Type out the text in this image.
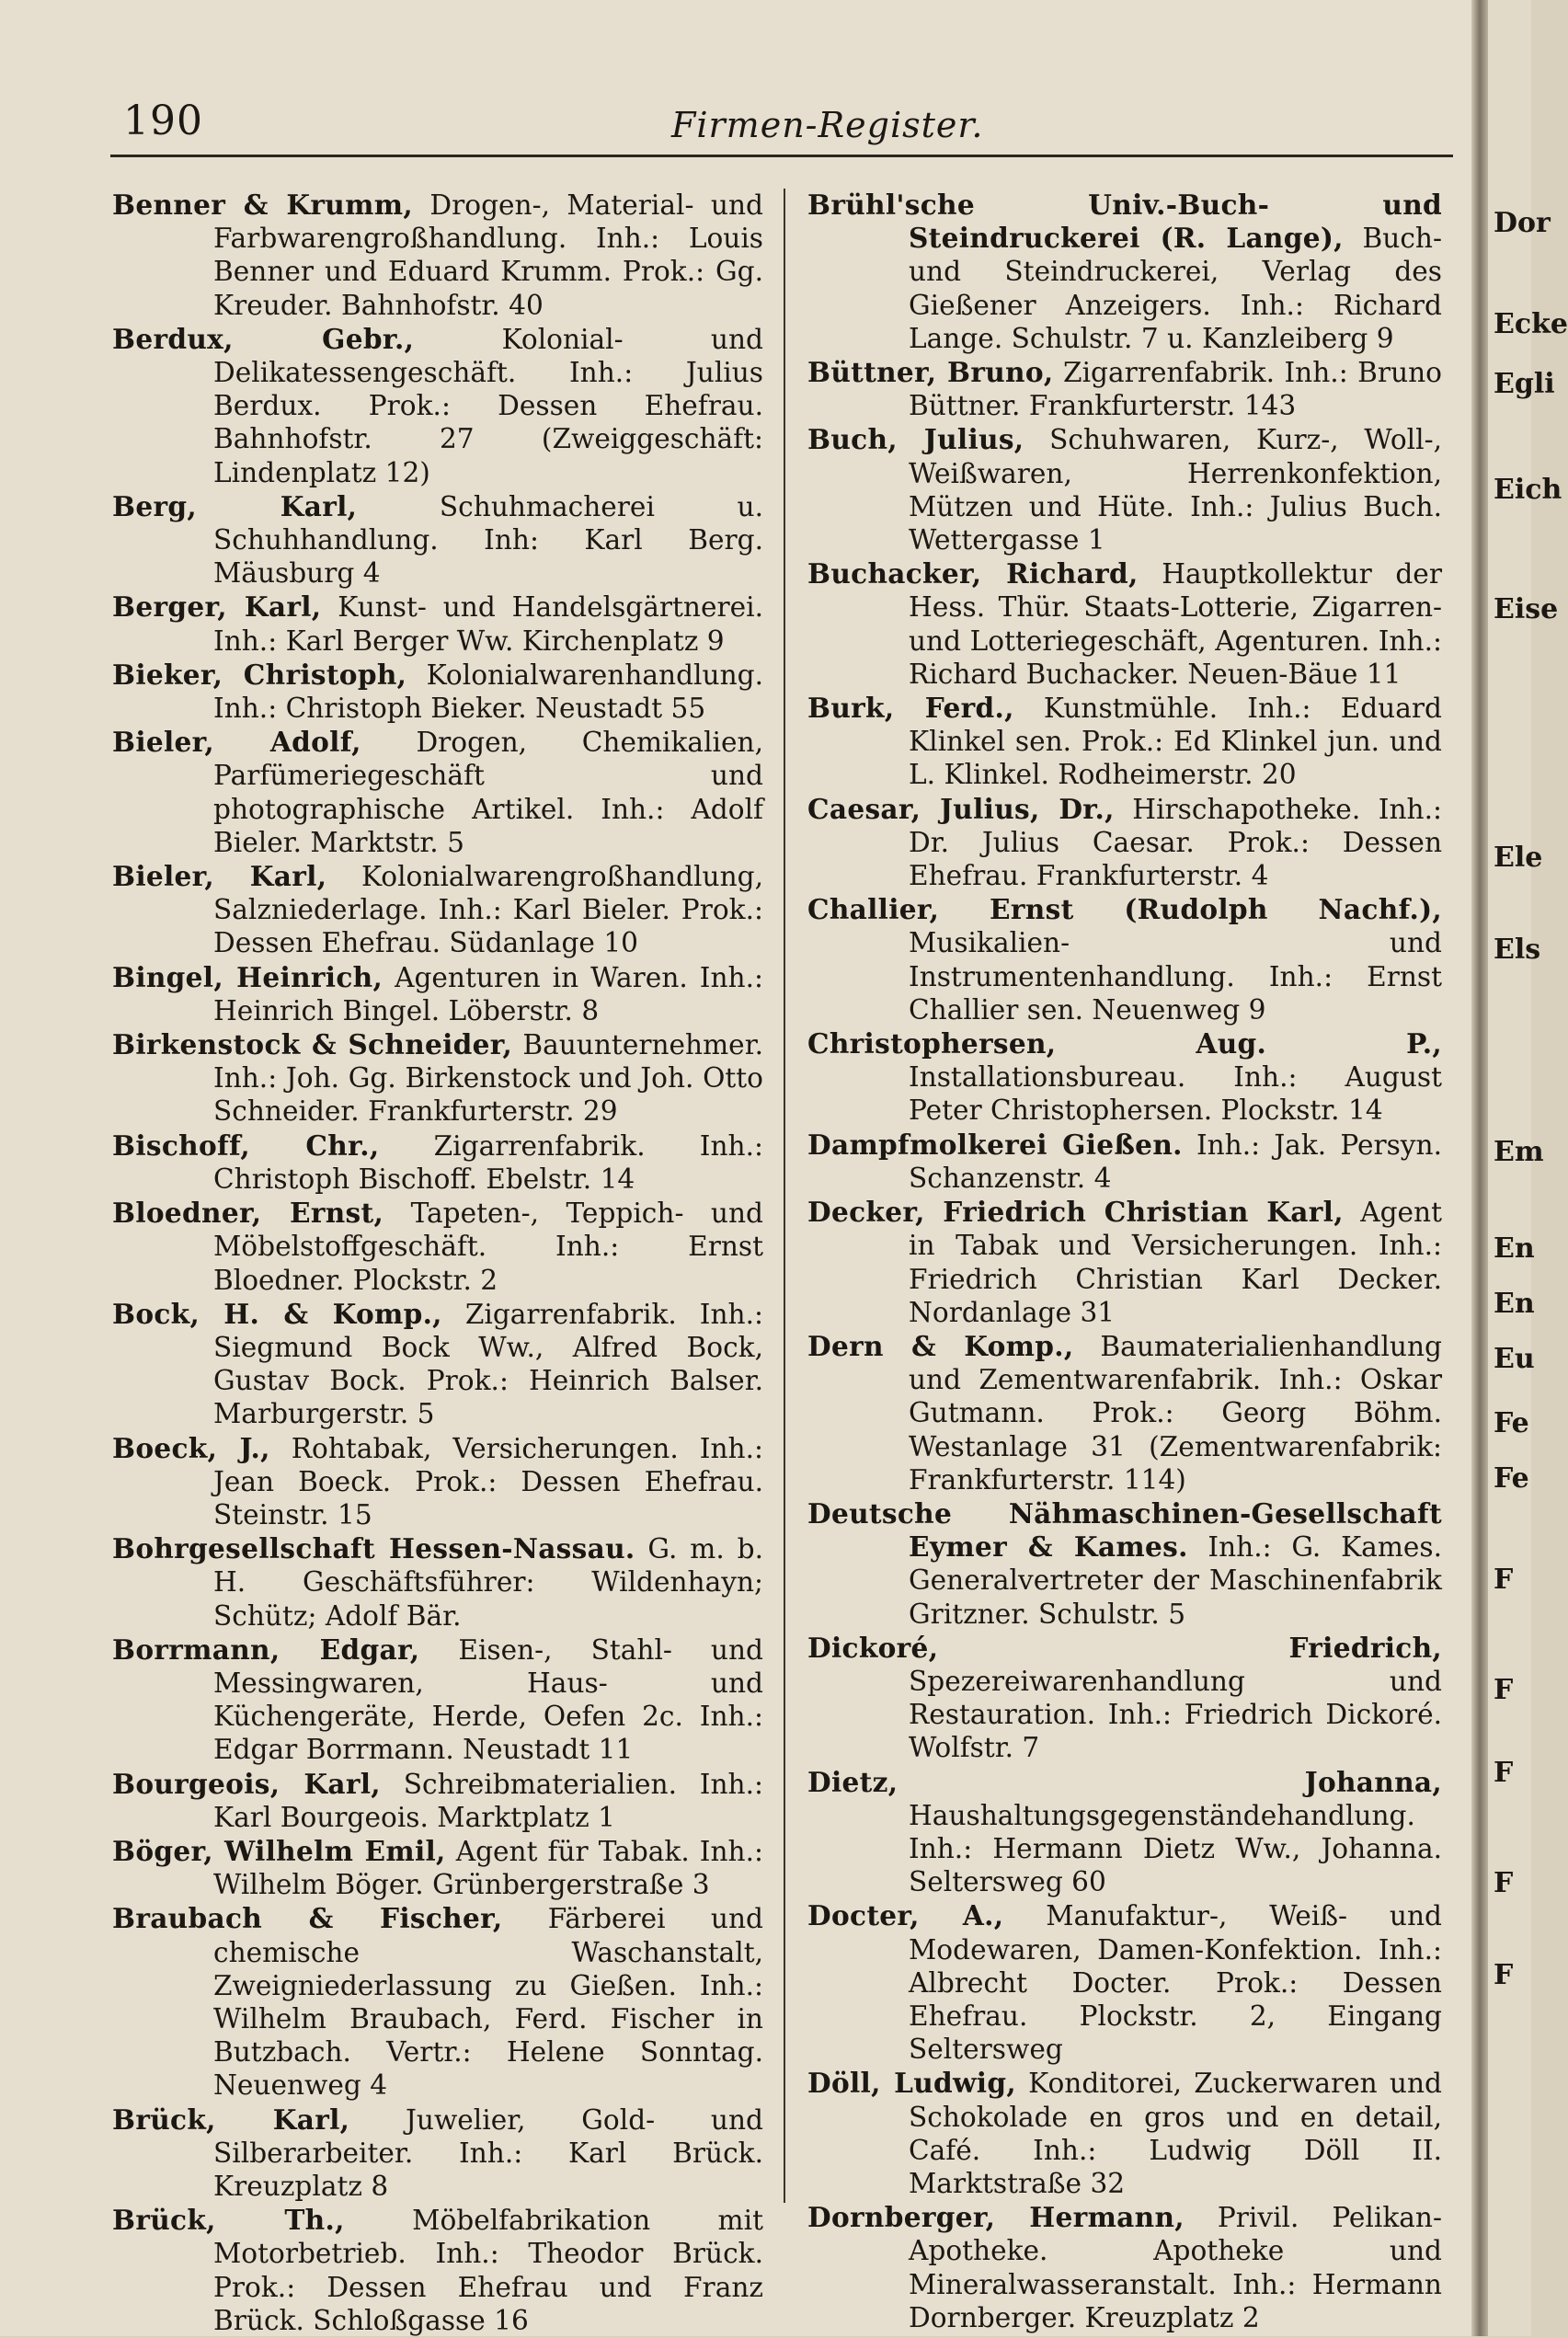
190	Firmen-Register.

Benner & Krumm, Drogen-, Material- und Farbwarengroßhandlung. Inh.: Louis Benner und Eduard Krumm. Prok.: Gg. Kreuder. Bahnhofstr. 40

Berdux, Gebr.,	Kolonial- und Delikatessengeschäft. Inh.: Julius Berdux. Prok.: Dessen Ehefrau. Bahnhofstr. 27 (Zweiggeschäft: Lindenplatz 12)

Berg, Karl,	Schuhmacherei u. Schuhhandlung. Inh: Karl Berg. Mäusburg 4

Berger, Karl, Kunst- und Handelsgärtnerei. Inh.: Karl Berger Ww. Kirchenplatz 9

Bieker, Christoph, Kolonialwarenhandlung. Inh.: Christoph Bieker. Neustadt 55

Bieler, Adolf, Drogen, Chemikalien, Parfümeriegeschäft und photographische Artikel. Inh.: Adolf Bieler. Marktstr. 5

Bieler, Karl, Kolonialwarengroßhandlung, Salzniederlage. Inh.: Karl Bieler. Prok.: Dessen Ehefrau. Südanlage 10

Bingel, Heinrich, Agenturen in Waren. Inh.: Heinrich Bingel. Löberstr. 8

Birkenstock & Schneider, Bauunternehmer. Inh.: Joh. Gg. Birkenstock und Joh. Otto Schneider. Frankfurterstr. 29

Bischoff, Chr., Zigarrenfabrik. Inh.: Christoph Bischoff. Ebelstr. 14

Bloedner, Ernst, Tapeten-, Teppich- und Möbelstoffgeschäft. Inh.: Ernst Bloedner. Plockstr. 2

Bock, H. & Komp., Zigarrenfabrik. Inh.: Siegmund Bock Ww., Alfred Bock, Gustav Bock. Prok.: Heinrich Balser. Marburgerstr. 5

Boeck, J., Rohtabak, Versicherungen. Inh.: Jean Boeck. Prok.: Dessen Ehefrau. Steinstr. 15

Bohrgesellschaft Hessen-Nassau. G. m. b. H. Geschäftsführer: Wildenhayn; Schütz; Adolf Bär.

Borrmann, Edgar, Eisen-, Stahl- und Messingwaren, Haus- und Küchengeräte, Herde, Oefen 2c. Inh.: Edgar Borrmann. Neustadt 11

Bourgeois, Karl, Schreibmaterialien. Inh.: Karl Bourgeois. Marktplatz 1

Böger, Wilhelm Emil, Agent für Tabak. Inh.: Wilhelm Böger. Grünbergerstraße 3

Braubach & Fischer, Färberei und chemische Waschanstalt, Zweigniederlassung zu Gießen. Inh.: Wilhelm Braubach, Ferd. Fischer in Butzbach. Vertr.: Helene Sonntag. Neuenweg 4

Brück, Karl, Juwelier, Gold- und Silberarbeiter. Inh.: Karl Brück. Kreuzplatz 8

Brück, Th., Möbelfabrikation mit Motorbetrieb. Inh.: Theodor Brück. Prok.: Dessen Ehefrau und Franz Brück. Schloßgasse 16

Brühl'sche Univ.-Buch- und Steindruckerei (R. Lange), Buch- und Steindruckerei, Verlag des Gießener Anzeigers. Inh.: Richard Lange. Schulstr. 7 u. Kanzleiberg 9

Büttner, Bruno, Zigarrenfabrik. Inh.: Bruno Büttner. Frankfurterstr. 143

Buch, Julius, Schuhwaren, Kurz-, Woll-, Weißwaren, Herrenkonfektion, Mützen und Hüte. Inh.: Julius Buch. Wettergasse 1

Buchacker, Richard, Hauptkollektur der Hess. Thür. Staats-Lotterie, Zigarren- und Lotteriegeschäft, Agenturen. Inh.: Richard Buchacker. Neuen-Bäue 11

Burk, Ferd., Kunstmühle. Inh.: Eduard Klinkel sen. Prok.: Ed Klinkel jun. und L. Klinkel. Rodheimerstr. 20

Caesar, Julius, Dr., Hirschapotheke. Inh.: Dr. Julius Caesar. Prok.: Dessen Ehefrau. Frankfurterstr. 4

Challier, Ernst (Rudolph Nachf.), Musikalien- und Instrumentenhandlung. Inh.: Ernst Challier sen. Neuenweg 9

Christophersen, Aug. P., Installationsbureau. Inh.: August Peter Christophersen. Plockstr. 14

Dampfmolkerei Gießen. Inh.: Jak. Persyn. Schanzenstr. 4

Decker, Friedrich Christian Karl, Agent in Tabak und Versicherungen. Inh.: Friedrich Christian Karl Decker. Nordanlage 31

Dern & Komp., Baumaterialienhandlung und Zementwarenfabrik. Inh.: Oskar Gutmann. Prok.: Georg Böhm. Westanlage 31 (Zementwarenfabrik: Frankfurterstr. 114)

Deutsche Nähmaschinen-Gesellschaft Eymer & Kames. Inh.: G. Kames. Generalvertreter der Maschinenfabrik Gritzner. Schulstr. 5

Dickoré, Friedrich, Spezereiwarenhandlung und Restauration. Inh.: Friedrich Dickoré. Wolfstr. 7

Dietz, Johanna, Haushaltungsgegenständehandlung. Inh.: Hermann Dietz Ww., Johanna. Seltersweg 60

Docter, A., Manufaktur-, Weiß- und Modewaren, Damen-Konfektion. Inh.: Albrecht Docter. Prok.: Dessen Ehefrau. Plockstr. 2, Eingang Seltersweg

Döll, Ludwig, Konditorei, Zuckerwaren und Schokolade en gros und en detail, Café. Inh.: Ludwig Döll II. Marktstraße 32

Dornberger, Hermann, Privil. Pelikan-Apotheke. Apotheke und Mineralwasseranstalt. Inh.: Hermann Dornberger. Kreuzplatz 2

Dor
Ecke
Egli
Eich
Eise
Ele
Els
Em
En
En
Eu
Fe
Fe
F
F
F
F
F
